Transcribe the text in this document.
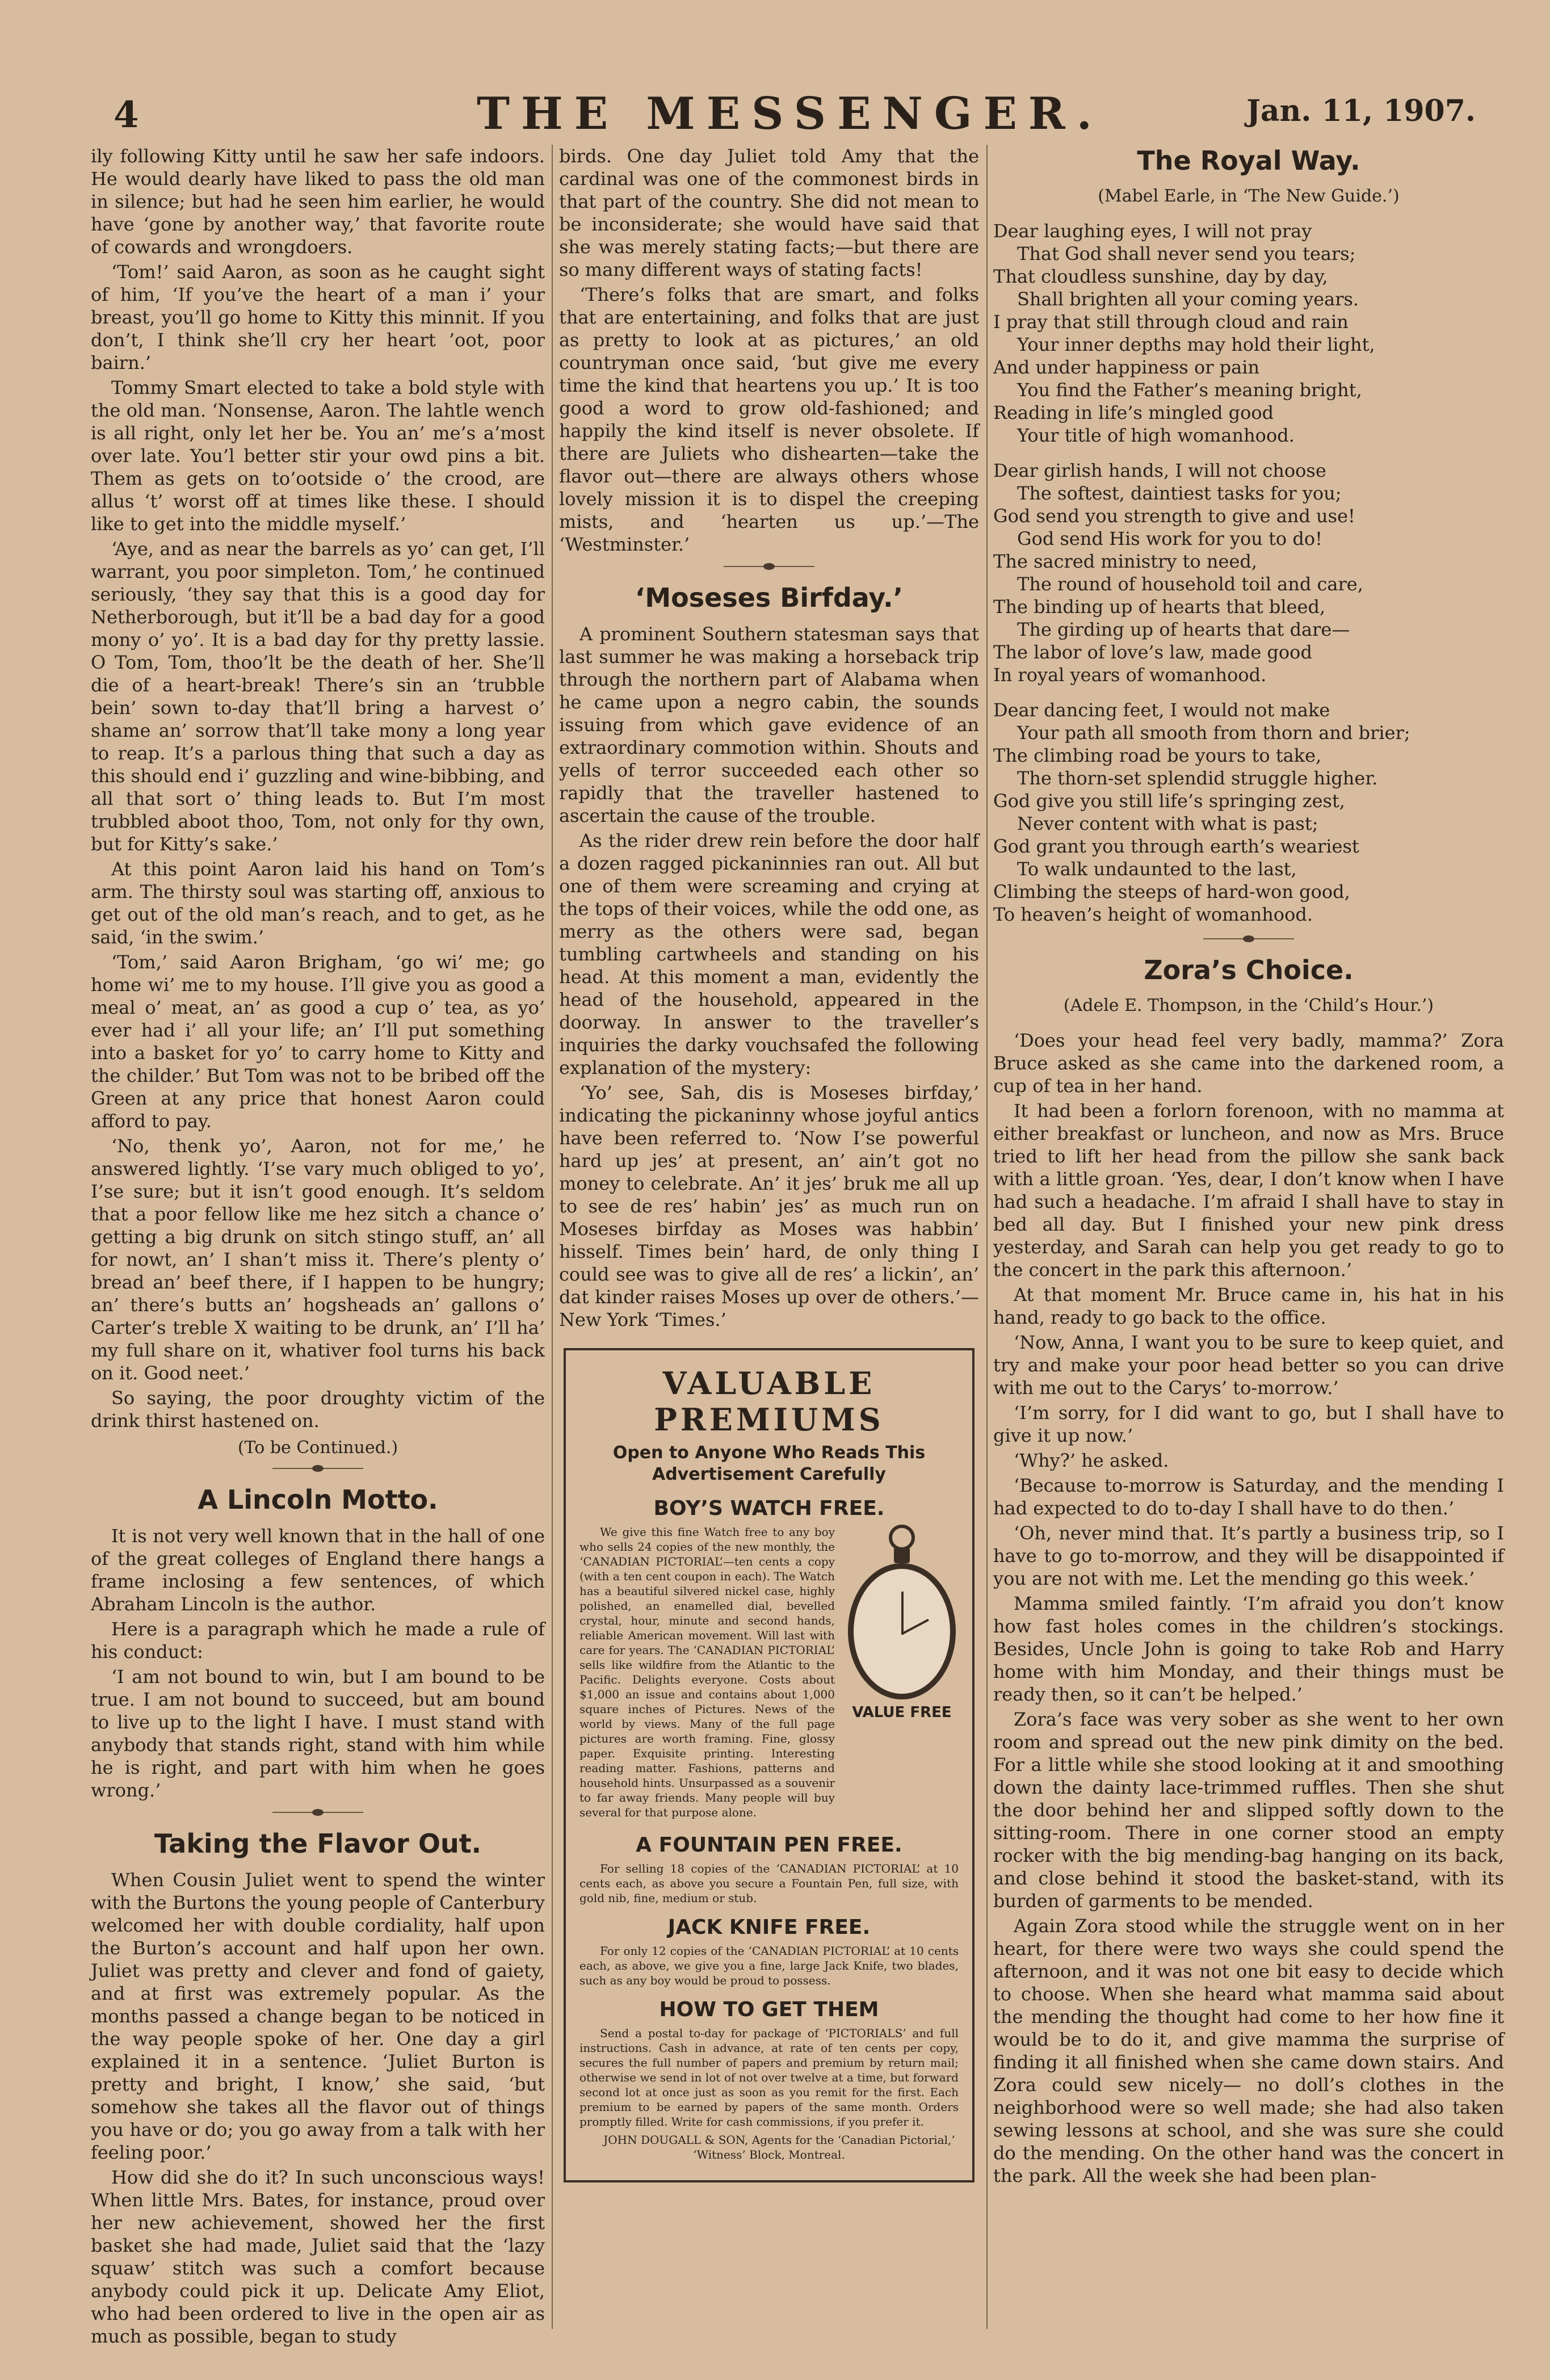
4	THE MESSENGER.	Jan. 11, 1907.

ily following Kitty until he saw her safe indoors. He would dearly have liked to pass the old man in silence; but had he seen him earlier, he would have ‘gone by another way,’ that favorite route of cowards and wrongdoers.

‘Tom!’ said Aaron, as soon as he caught sight of him, ‘If you’ve the heart of a man i’ your breast, you’ll go home to Kitty this minnit. If you don’t, I think she’ll cry her heart ’oot, poor bairn.’

Tommy Smart elected to take a bold style with the old man. ‘Nonsense, Aaron. The lahtle wench is all right, only let her be. You an’ me’s a’most over late. You’l better stir your owd pins a bit. Them as gets on to’ootside o’ the crood, are allus ‘t’ worst off at times like these. I should like to get into the middle myself.’

‘Aye, and as near the barrels as yo’ can get, I’ll warrant, you poor simpleton. Tom,’ he continued seriously, ‘they say that this is a good day for Netherborough, but it’ll be a bad day for a good mony o’ yo’. It is a bad day for thy pretty lassie. O Tom, Tom, thoo’lt be the death of her. She’ll die of a heart-break! There’s sin an ‘trubble bein’ sown to-day that’ll bring a harvest o’ shame an’ sorrow that’ll take mony a long year to reap. It’s a parlous thing that such a day as this should end i’ guzzling and wine-bibbing, and all that sort o’ thing leads to. But I’m most trubbled aboot thoo, Tom, not only for thy own, but for Kitty’s sake.’

At this point Aaron laid his hand on Tom’s arm. The thirsty soul was starting off, anxious to get out of the old man’s reach, and to get, as he said, ‘in the swim.’

‘Tom,’ said Aaron Brigham, ‘go wi’ me; go home wi’ me to my house. I’ll give you as good a meal o’ meat, an’ as good a cup o’ tea, as yo’ ever had i’ all your life; an’ I’ll put something into a basket for yo’ to carry home to Kitty and the childer.’ But Tom was not to be bribed off the Green at any price that honest Aaron could afford to pay.

‘No, thenk yo’, Aaron, not for me,’ he answered lightly. ‘I’se vary much obliged to yo’, I’se sure; but it isn’t good enough. It’s seldom that a poor fellow like me hez sitch a chance o’ getting a big drunk on sitch stingo stuff, an’ all for nowt, an’ I shan’t miss it. There’s plenty o’ bread an’ beef there, if I happen to be hungry; an’ there’s butts an’ hogsheads an’ gallons o’ Carter’s treble X waiting to be drunk, an’ I’ll ha’ my full share on it, whativer fool turns his back on it. Good neet.’

So saying, the poor droughty victim of the drink thirst hastened on.

(To be Continued.)
A Lincoln Motto.

It is not very well known that in the hall of one of the great colleges of England there hangs a frame inclosing a few sentences, of which Abraham Lincoln is the author.

Here is a paragraph which he made a rule of his conduct:

‘I am not bound to win, but I am bound to be true. I am not bound to succeed, but am bound to live up to the light I have. I must stand with anybody that stands right, stand with him while he is right, and part with him when he goes wrong.’

Taking the Flavor Out.

When Cousin Juliet went to spend the winter with the Burtons the young people of Canterbury welcomed her with double cordiality, half upon the Burton’s account and half upon her own. Juliet was pretty and clever and fond of gaiety, and at first was extremely popular. As the months passed a change began to be noticed in the way people spoke of her. One day a girl explained it in a sentence. ‘Juliet Burton is pretty and bright, I know,’ she said, ‘but somehow she takes all the flavor out of things you have or do; you go away from a talk with her feeling poor.’

How did she do it? In such unconscious ways! When little Mrs. Bates, for instance, proud over her new achievement, showed her the first basket she had made, Juliet said that the ‘lazy squaw’ stitch was such a comfort because anybody could pick it up. Delicate Amy Eliot, who had been ordered to live in the open air as much as possible, began to study

birds. One day Juliet told Amy that the cardinal was one of the commonest birds in that part of the country. She did not mean to be inconsiderate; she would have said that she was merely stating facts;—but there are so many different ways of stating facts!

‘There’s folks that are smart, and folks that are entertaining, and folks that are just as pretty to look at as pictures,’ an old countryman once said, ‘but give me every time the kind that heartens you up.’ It is too good a word to grow old-fashioned; and happily the kind itself is never obsolete. If there are Juliets who dishearten—take the flavor out—there are always others whose lovely mission it is to dispel the creeping mists, and ‘hearten us up.’—The ‘Westminster.’

‘Moseses Birfday.’

A prominent Southern statesman says that last summer he was making a horseback trip through the northern part of Alabama when he came upon a negro cabin, the sounds issuing from which gave evidence of an extraordinary commotion within. Shouts and yells of terror succeeded each other so rapidly that the traveller hastened to ascertain the cause of the trouble.

As the rider drew rein before the door half a dozen ragged pickaninnies ran out. All but one of them were screaming and crying at the tops of their voices, while the odd one, as merry as the others were sad, began tumbling cartwheels and standing on his head. At this moment a man, evidently the head of the household, appeared in the doorway. In answer to the traveller’s inquiries the darky vouchsafed the following explanation of the mystery:

‘Yo’ see, Sah, dis is Moseses birfday,’ indicating the pickaninny whose joyful antics have been referred to. ‘Now I’se powerful hard up jes’ at present, an’ ain’t got no money to celebrate. An’ it jes’ bruk me all up to see de res’ habin’ jes’ as much run on Moseses birfday as Moses was habbin’ hisself. Times bein’ hard, de only thing I could see was to give all de res’ a lickin’, an’ dat kinder raises Moses up over de others.’—New York ‘Times.’

VALUABLE PREMIUMS
Open to Anyone Who Reads This Advertisement Carefully
BOY’S WATCH FREE.

We give this fine Watch free to any boy who sells 24 copies of the new monthly, the ‘CANADIAN PICTORIAL’—ten cents a copy (with a ten cent coupon in each). The Watch has a beautiful silvered nickel case, highly polished, an enamelled dial, bevelled crystal, hour, minute and second hands, reliable American movement. Will last with care for years. The ‘CANADIAN PICTORIAL’ sells like wildfire from the Atlantic to the Pacific. Delights everyone. Costs about $1,000 an issue and contains about 1,000 square inches of Pictures. News of the world by views. Many of the full page pictures are worth framing. Fine, glossy paper. Exquisite printing. Interesting reading matter. Fashions, patterns and household hints. Unsurpassed as a souvenir to far away friends. Many people will buy several for that purpose alone.

VALUE FREE
A FOUNTAIN PEN FREE.

For selling 18 copies of the ‘CANADIAN PICTORIAL’ at 10 cents each, as above you secure a Fountain Pen, full size, with gold nib, fine, medium or stub.

JACK KNIFE FREE.

For only 12 copies of the ‘CANADIAN PICTORIAL’ at 10 cents each, as above, we give you a fine, large Jack Knife, two blades, such as any boy would be proud to possess.

HOW TO GET THEM

Send a postal to-day for package of ‘PICTORIALS’ and full instructions. Cash in advance, at rate of ten cents per copy, secures the full number of papers and premium by return mail; otherwise we send in lot of not over twelve at a time, but forward second lot at once just as soon as you remit for the first. Each premium to be earned by papers of the same month. Orders promptly filled. Write for cash commissions, if you prefer it.

JOHN DOUGALL & SON, Agents for the ‘Canadian Pictorial,’ ‘Witness’ Block, Montreal.

The Royal Way.
(Mabel Earle, in ‘The New Guide.’)
Dear laughing eyes, I will not pray
That God shall never send you tears;
That cloudless sunshine, day by day,
Shall brighten all your coming years.
I pray that still through cloud and rain
Your inner depths may hold their light,
And under happiness or pain
You find the Father’s meaning bright,
Reading in life’s mingled good
Your title of high womanhood.
Dear girlish hands, I will not choose
The softest, daintiest tasks for you;
God send you strength to give and use!
God send His work for you to do!
The sacred ministry to need,
The round of household toil and care,
The binding up of hearts that bleed,
The girding up of hearts that dare—
The labor of love’s law, made good
In royal years of womanhood.
Dear dancing feet, I would not make
Your path all smooth from thorn and brier;
The climbing road be yours to take,
The thorn-set splendid struggle higher.
God give you still life’s springing zest,
Never content with what is past;
God grant you through earth’s weariest
To walk undaunted to the last,
Climbing the steeps of hard-won good,
To heaven’s height of womanhood.
Zora’s Choice.
(Adele E. Thompson, in the ‘Child’s Hour.’)

‘Does your head feel very badly, mamma?’ Zora Bruce asked as she came into the darkened room, a cup of tea in her hand.

It had been a forlorn forenoon, with no mamma at either breakfast or luncheon, and now as Mrs. Bruce tried to lift her head from the pillow she sank back with a little groan. ‘Yes, dear, I don’t know when I have had such a headache. I’m afraid I shall have to stay in bed all day. But I finished your new pink dress yesterday, and Sarah can help you get ready to go to the concert in the park this afternoon.’

At that moment Mr. Bruce came in, his hat in his hand, ready to go back to the office.

‘Now, Anna, I want you to be sure to keep quiet, and try and make your poor head better so you can drive with me out to the Carys’ to-morrow.’

‘I’m sorry, for I did want to go, but I shall have to give it up now.’

‘Why?’ he asked.

‘Because to-morrow is Saturday, and the mending I had expected to do to-day I shall have to do then.’

‘Oh, never mind that. It’s partly a business trip, so I have to go to-morrow, and they will be disappointed if you are not with me. Let the mending go this week.’

Mamma smiled faintly. ‘I’m afraid you don’t know how fast holes comes in the children’s stockings. Besides, Uncle John is going to take Rob and Harry home with him Monday, and their things must be ready then, so it can’t be helped.’

Zora’s face was very sober as she went to her own room and spread out the new pink dimity on the bed. For a little while she stood looking at it and smoothing down the dainty lace-trimmed ruffles. Then she shut the door behind her and slipped softly down to the sitting-room. There in one corner stood an empty rocker with the big mending-bag hanging on its back, and close behind it stood the basket-stand, with its burden of garments to be mended.

Again Zora stood while the struggle went on in her heart, for there were two ways she could spend the afternoon, and it was not one bit easy to decide which to choose. When she heard what mamma said about the mending the thought had come to her how fine it would be to do it, and give mamma the surprise of finding it all finished when she came down stairs. And Zora could sew nicely— no doll’s clothes in the neighborhood were so well made; she had also taken sewing lessons at school, and she was sure she could do the mending. On the other hand was the concert in the park. All the week she had been plan-
